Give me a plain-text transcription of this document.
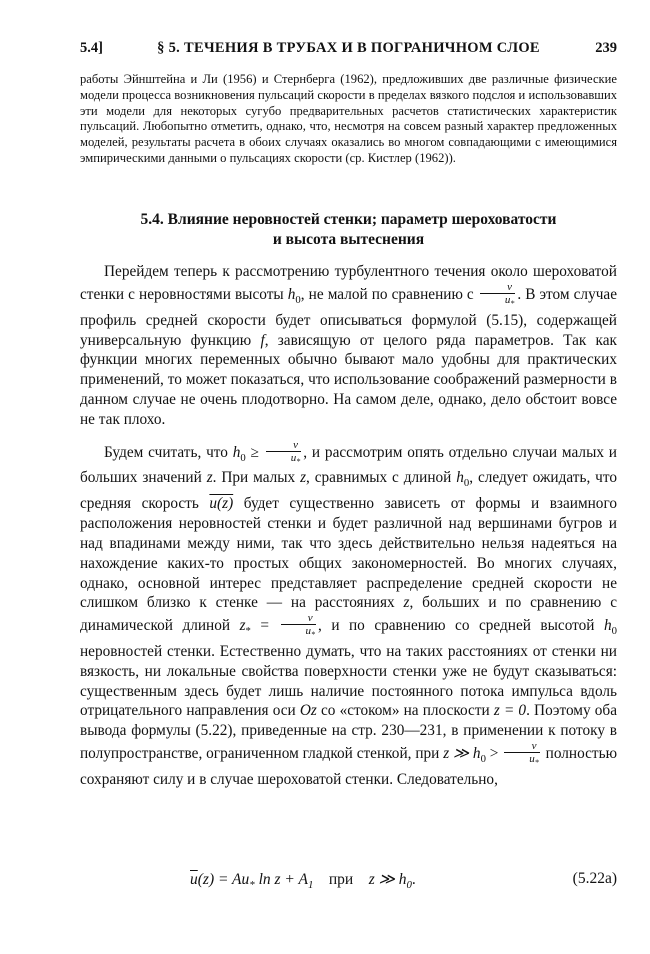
5.4]	§ 5. ТЕЧЕНИЯ В ТРУБАХ И В ПОГРАНИЧНОМ СЛОЕ	239

работы Эйнштейна и Ли (1956) и Стернберга (1962), предложивших две различные физические модели процесса возникновения пульсаций скорости в пределах вязкого подслоя и использовавших эти модели для некоторых сугубо предварительных расчетов статистических характеристик пульсаций. Любопытно отметить, однако, что, несмотря на совсем разный характер предложенных моделей, результаты расчета в обоих случаях оказались во многом совпадающими с имеющимися эмпирическими данными о пульсациях скорости (ср. Кистлер (1962)).

5.4. Влияние неровностей стенки; параметр шероховатости

и высота вытеснения

Перейдем теперь к рассмотрению турбулентного течения около шероховатой стенки с неровностями высоты $h_0$, не малой по сравнению с $\frac{\nu}{u_*}$ . В этом случае профиль средней скорости будет описываться формулой (5.15), содержащей универсальную функцию f, зависящую от целого ряда параметров. Так как функции многих переменных обычно бывают мало удобны для практических применений, то может показаться, что использование соображений размерности в данном случае не очень плодотворно. На самом деле, однако, дело обстоит вовсе не так плохо.

Будем считать, что $h_0 \ge \frac{\nu}{u_*}$ , и рассмотрим опять отдельно случаи малых и больших значений z. При малых z, сравнимых с длиной $h_0$, следует ожидать, что средняя скорость u(z) будет существенно зависеть от формы и взаимного расположения неровностей стенки и будет различной над вершинами бугров и над впадинами между ними, так что здесь действительно нельзя надеяться на нахождение каких-то простых общих закономерностей. Во многих случаях, однако, основной интерес представляет распределение средней скорости не слишком близко к стенке — на расстояниях z, больших и по сравнению с динамической длиной $z_* = \frac{\nu}{u_*}$ , и по сравнению со средней высотой $h_0$ неровностей стенки. Естественно думать, что на таких расстояниях от стенки ни вязкость, ни локальные свойства поверхности стенки уже не будут сказываться: существенным здесь будет лишь наличие постоянного потока импульса вдоль отрицательного направления оси Oz со «стоком» на плоскости z = 0. Поэтому оба вывода формулы (5.22), приведенные на стр. 230—231, в применении к потоку в полупространстве, ограниченном гладкой стенкой, при z ≫ $h_0 > \frac{\nu}{u_*}$ полностью сохраняют силу и в случае шероховатой стенки. Следовательно,

$\overline{u}(z) = Au_*$ $\ln z + A_1$ при z ≫ $h_0$.	(5.22а)
